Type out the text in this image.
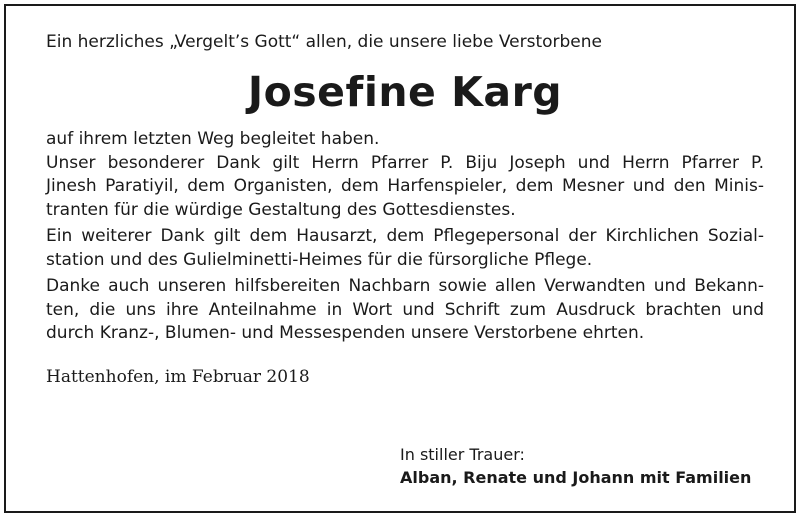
Ein herzliches „Vergelt’s Gott“ allen, die unsere liebe Verstorbene

Josefine Karg

auf ihrem letzten Weg begleitet haben.

Unser besonderer Dank gilt Herrn Pfarrer P. Biju Joseph und Herrn Pfarrer P.
Jinesh Paratiyil, dem Organisten, dem Harfenspieler, dem Mesner und den Minis-
tranten für die würdige Gestaltung des Gottesdienstes.

Ein weiterer Dank gilt dem Hausarzt, dem Pflegepersonal der Kirchlichen Sozial-
station und des Gulielminetti-Heimes für die fürsorgliche Pflege.

Danke auch unseren hilfsbereiten Nachbarn sowie allen Verwandten und Bekann-
ten, die uns ihre Anteilnahme in Wort und Schrift zum Ausdruck brachten und
durch Kranz-, Blumen- und Messespenden unsere Verstorbene ehrten.

Hattenhofen, im Februar 2018

In stiller Trauer:
Alban, Renate und Johann mit Familien
